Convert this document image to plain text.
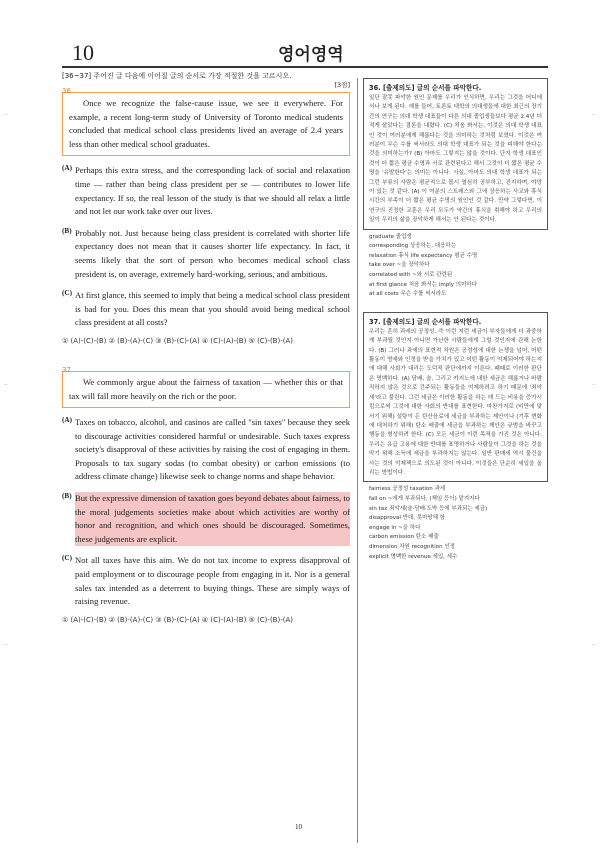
–
–
–
–
–
–
10	영어영역
[36~37] 주어진 글 다음에 이어질 글의 순서로 가장 적절한 것을 고르시오.
36
[3점]

Once we recognize the false-cause issue, we see it everywhere. For example, a recent long-term study of University of Toronto medical students concluded that medical school class presidents lived an average of 2.4 years less than other medical school graduates.

(A) Perhaps this extra stress, and the corresponding lack of social and relaxation time — rather than being class president per se — contributes to lower life expectancy. If so, the real lesson of the study is that we should all relax a little and not let our work take over our lives.

(B) Probably not. Just because being class president is correlated with shorter life expectancy does not mean that it causes shorter life expectancy. In fact, it seems likely that the sort of person who becomes medical school class president is, on average, extremely hard-working, serious, and ambitious.

(C) At first glance, this seemed to imply that being a medical school class president is bad for you. Does this mean that you should avoid being medical school class president at all costs?

① (A)-(C)-(B) ② (B)-(A)-(C) ③ (B)-(C)-(A) ④ (C)-(A)-(B) ⑤ (C)-(B)-(A)
37

We commonly argue about the fairness of taxation — whether this or that tax will fall more heavily on the rich or the poor.

(A) Taxes on tobacco, alcohol, and casinos are called "sin taxes" because they seek to discourage activities considered harmful or undesirable. Such taxes express society's disapproval of these activities by raising the cost of engaging in them. Proposals to tax sugary sodas (to combat obesity) or carbon emissions (to address climate change) likewise seek to change norms and shape behavior.

(B) But the expressive dimension of taxation goes beyond debates about fairness, to the moral judgements societies make about which activities are worthy of honor and recognition, and which ones should be discouraged. Sometimes, these judgements are explicit.

(C) Not all taxes have this aim. We do not tax income to express disapproval of paid employment or to discourage people from engaging in it. Nor is a general sales tax intended as a deterrent to buying things. These are simply ways of raising revenue.

① (A)-(C)-(B) ② (B)-(A)-(C) ③ (B)-(C)-(A) ④ (C)-(A)-(B) ⑤ (C)-(B)-(A)

36. [출제의도] 글의 순서를 파악한다.

일단 잘못 파악한 원인 문제를 우리가 인식하면, 우리는 그것을 어디에서나 보게 된다. 예를 들어, 토론토 대학의 의대생들에 대한 최근의 장기간의 연구는 의대 학생 대표들이 다른 의대 졸업생들보다 평균 2.4년 더 적게 살았다는 결론을 내렸다. (C) 처음 봐서는, 이것은 의대 학생 대표인 것이 여러분에게 해롭다는 것을 의미하는 것처럼 보였다. 이것은 여러분이 무슨 수를 써서라도 의대 학생 대표가 되는 것을 피해야 한다는 것을 의미하는가? (B) 아마도 그렇지는 않을 것이다. 단지 학생 대표인 것이 더 짧은 평균 수명과 서로 관련된다고 해서 그것이 더 짧은 평균 수명을 '유발한다'는 의미는 아니다. 사실, 아마도 의대 학생 대표가 되는 그런 부류의 사람은 평균적으로 몹시 열심히 공부하고, 진지하며, 야망이 있는 것 같다. (A) 이 여분의 스트레스와 그에 상응하는 사교와 휴식 시간의 부족이 더 짧은 평균 수명의 원인인 것 같다. 만약 그렇다면, 이 연구의 진정한 교훈은 우리 모두가 약간의 휴식을 취해야 하고 우리의 일이 우리의 삶을 장악하게 해서는 안 된다는 것이다.

graduate 졸업생
corresponding 상응하는, 대응하는
relaxation 휴식 life expectancy 평균 수명
take over ~을 장악하다
correlated with ~와 서로 관련된
at first glance 처음 봐서는 imply 의미하다
at all costs 무슨 수를 써서라도

37. [출제의도] 글의 순서를 파악한다.

우리는 흔히 과세의 공정성, 즉 이런 저런 세금이 부자들에게 더 과중하게 부과될 것인지 아니면 가난한 사람들에게 그럴 것인지에 관해 논한다. (B) 그러나 과세의 표현적 차원은 공정성에 대한 논쟁을 넘어, 어떤 활동이 명예와 인정을 받을 가치가 있고 어떤 활동이 억제되어야 하는지에 대해 사회가 내리는 도덕적 판단에까지 이른다. 때때로 이러한 판단은 명백하다. (A) 담배, 술, 그리고 카지노에 대한 세금은 해롭거나 바람직하지 않은 것으로 간주되는 활동들을 억제하려고 하기 때문에 '죄악세'라고 불린다. 그런 세금은 이러한 활동을 하는 데 드는 비용을 증가시킴으로써 그것에 대한 사회의 반대를 표현한다. 마찬가지로 (비만에 맞서기 위해) 설탕이 든 탄산음료에 세금을 부과하는 제안이나 (기후 변화에 대처하기 위해) 탄소 배출에 세금을 부과하는 제안은 규범을 바꾸고 행동을 형성하려 한다. (C) 모든 세금이 이런 목적을 가진 것은 아니다. 우리는 유급 고용에 대한 반대를 표명하거나 사람들이 그것을 하는 것을 막기 위해 소득에 세금을 부과하지는 않는다. 일반 판매세 역시 물건을 사는 것의 억제책으로 의도된 것이 아니다. 이것들은 단순히 세입을 올리는 방법이다.

fairness 공정성 taxation 과세
fall on ~에게 부과되다, (책임 등이) 맡겨지다
sin tax 죄악세(술·담배·도박 등에 부과되는 세금)
disapproval 반대, 못마땅해 함
engage in ~을 하다
carbon emission 탄소 배출
dimension 차원 recognition 인정
explicit 명백한 revenue 세입, 세수
10
